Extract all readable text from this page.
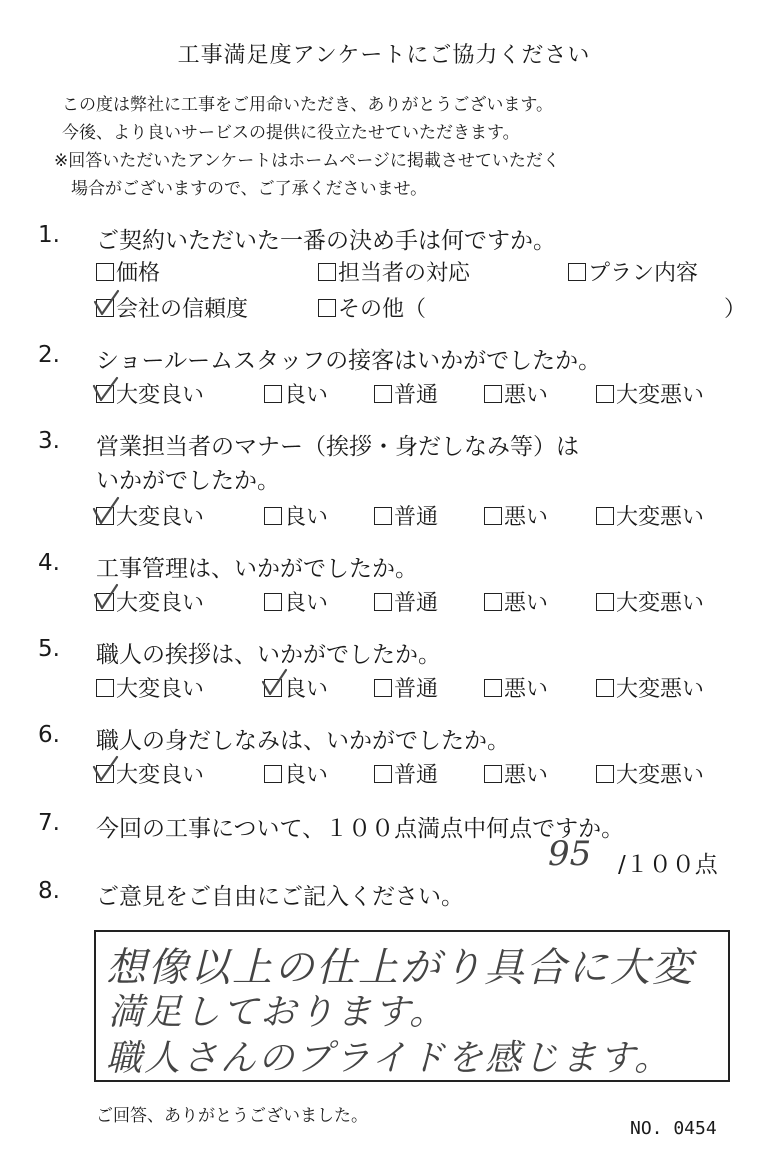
工事満足度アンケートにご協力ください
この度は弊社に工事をご用命いただき、ありがとうございます。
今後、より良いサービスの提供に役立たせていただきます。
※回答いただいたアンケートはホームページに掲載させていただく
　場合がございますので、ご了承くださいませ。
1. ご契約いただいた一番の決め手は何ですか。
価格	担当者の対応	プラン内容
会社の信頼度	その他（	）
2. ショールームスタッフの接客はいかがでしたか。
大変良い	良い	普通	悪い	大変悪い
3. 営業担当者のマナー（挨拶・身だしなみ等）は
いかがでしたか。
大変良い	良い	普通	悪い	大変悪い
4. 工事管理は、いかがでしたか。
大変良い	良い	普通	悪い	大変悪い
5. 職人の挨拶は、いかがでしたか。
大変良い	良い	普通	悪い	大変悪い
6. 職人の身だしなみは、いかがでしたか。
大変良い	良い	普通	悪い	大変悪い
7. 今回の工事について、１００点満点中何点ですか。
95 /１００点
8. ご意見をご自由にご記入ください。
想像以上の仕上がり具合に大変
満足しております。
職人さんのプライドを感じます。
ご回答、ありがとうございました。
NO. 0454
